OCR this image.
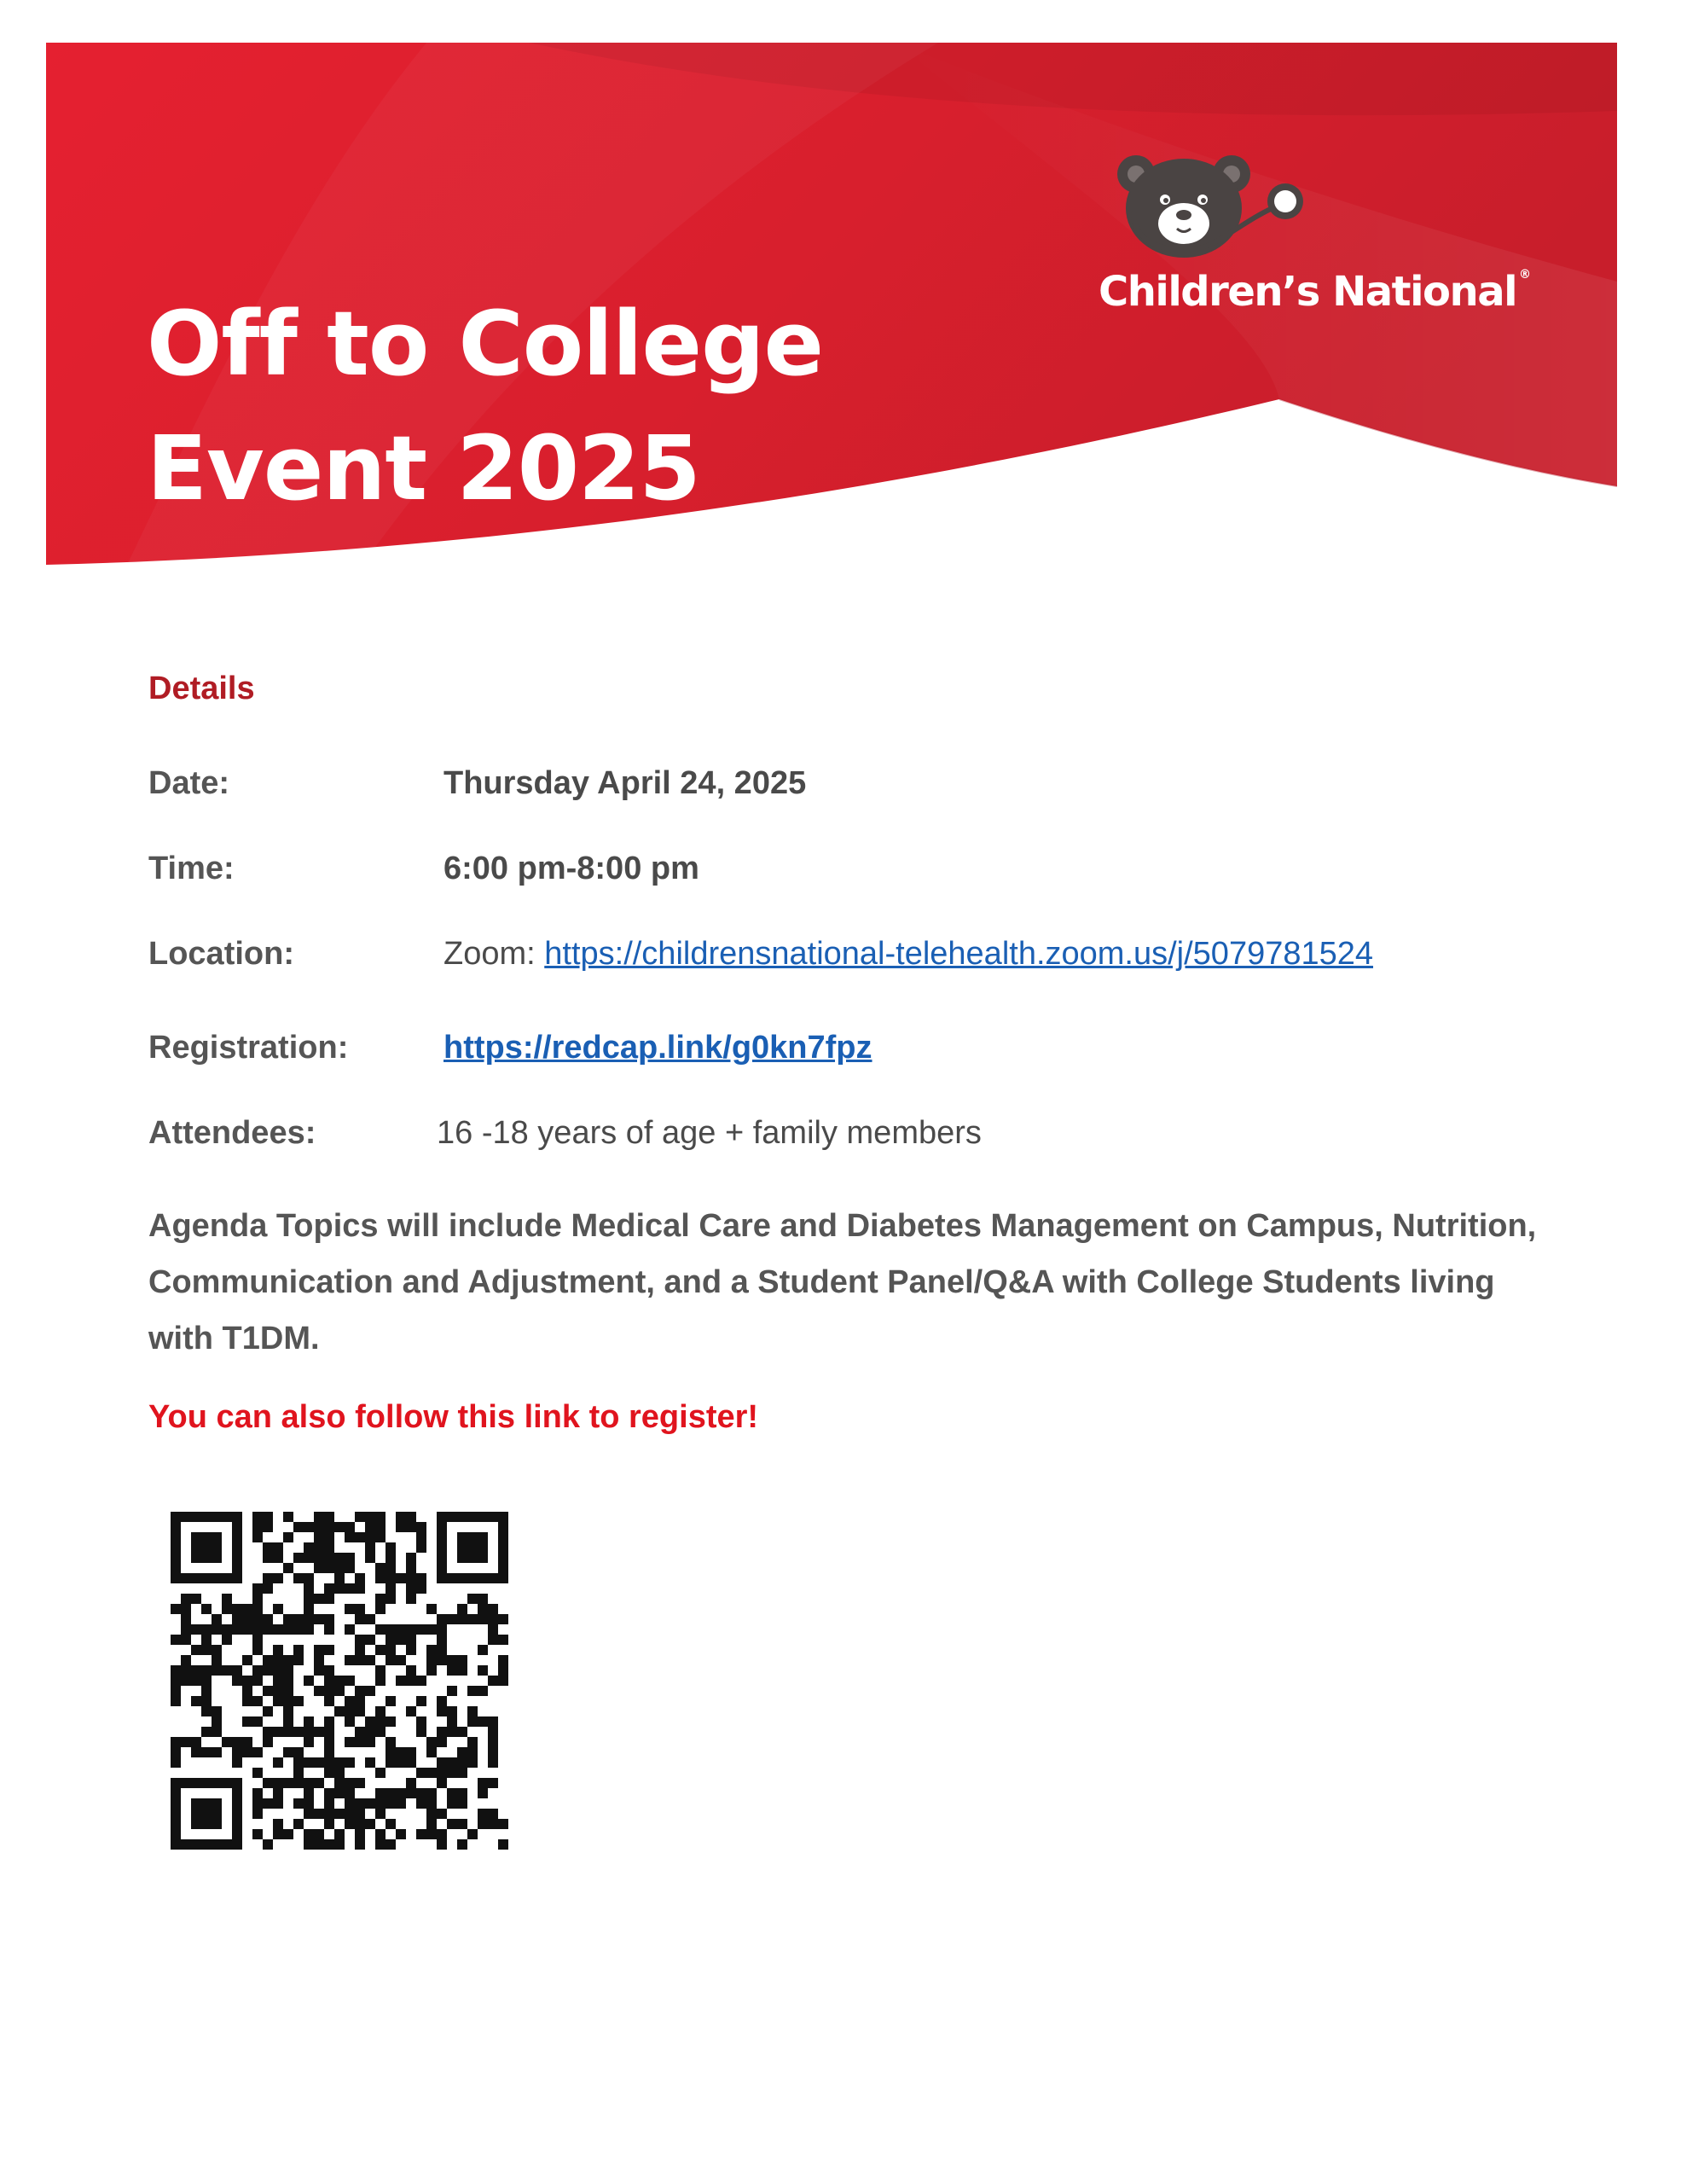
Off to College
Event 2025
Children’s National ®
Details
Date:	Thursday April 24, 2025
Time:	6:00 pm-8:00 pm
Location:	Zoom: https://childrensnational-telehealth.zoom.us/j/5079781524
Registration:	https://redcap.link/g0kn7fpz
Attendees:	16 -18 years of age + family members

Agenda Topics will include Medical Care and Diabetes Management on Campus, Nutrition, Communication and Adjustment, and a Student Panel/Q&A with College Students living with T1DM.

You can also follow this link to register!
